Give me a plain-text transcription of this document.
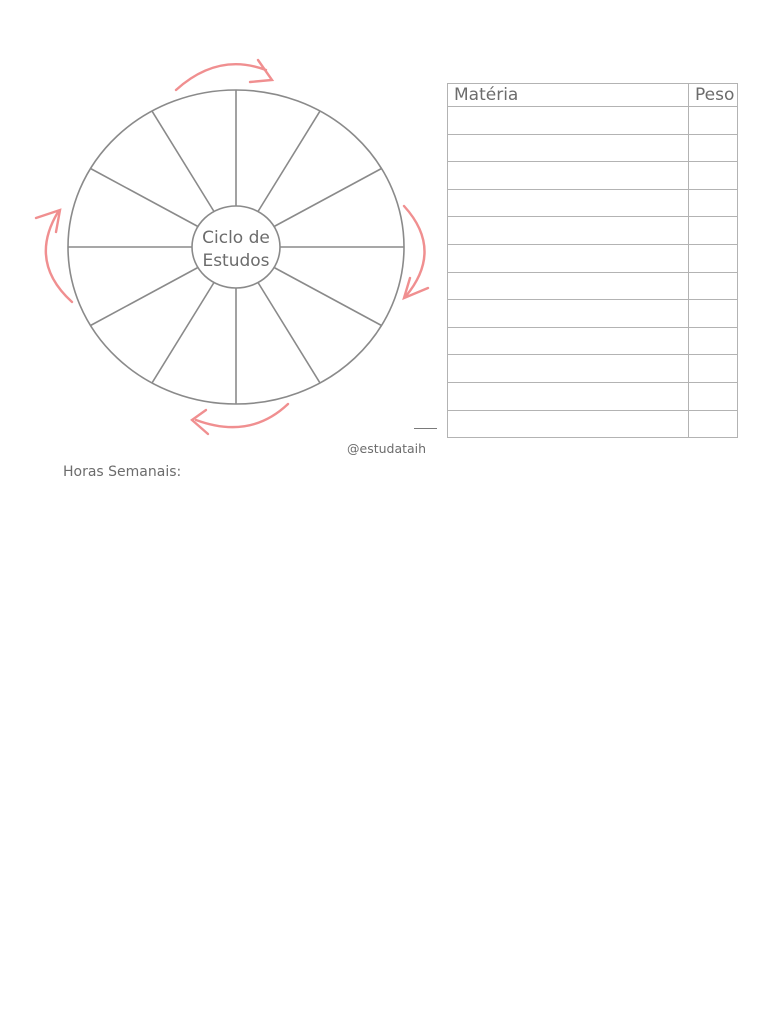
Ciclo de
Estudos
Matéria	Peso

@estudataih
Horas Semanais:
